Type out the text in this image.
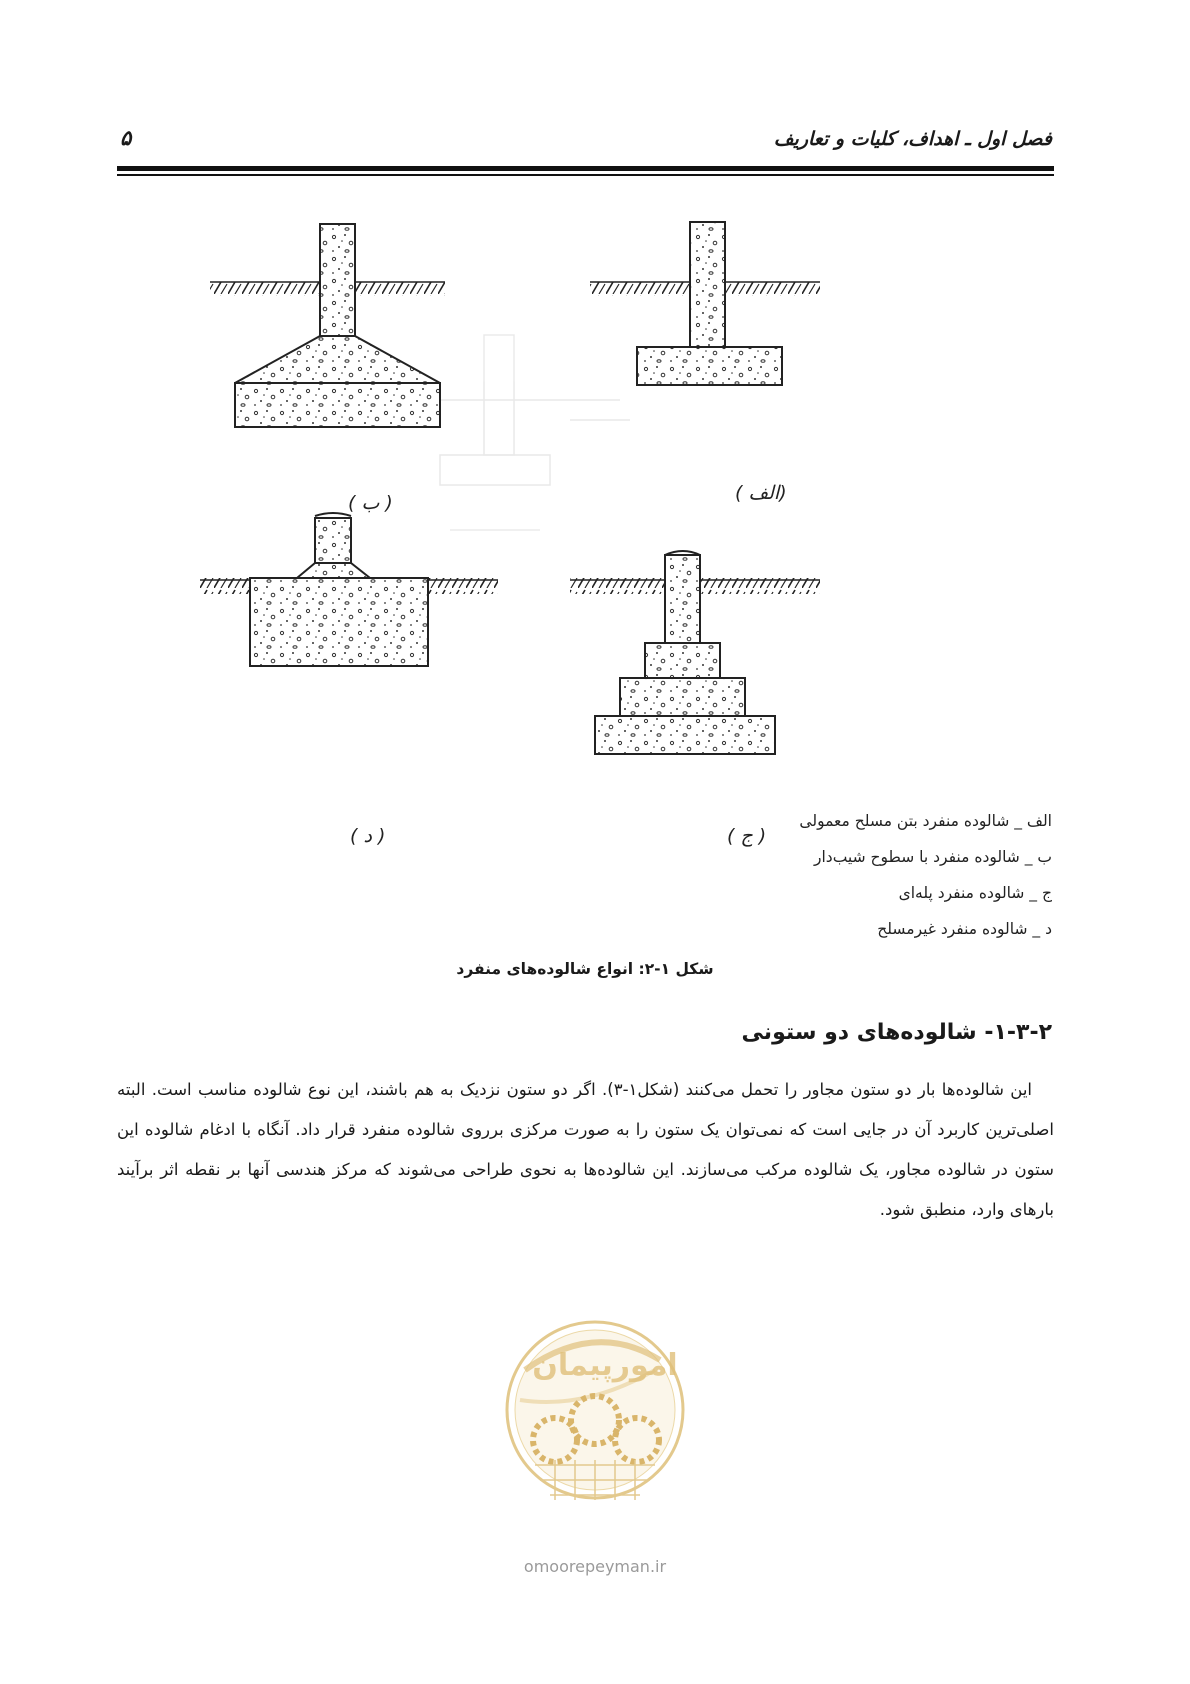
فصل اول ـ اهداف، کلیات و تعاریف
۵
( ب )	(الف )
( د )	( ج )
الف _ شالوده منفرد بتن مسلح معمولی
ب _ شالوده منفرد با سطوح شیب‌دار
ج _ شالوده منفرد پله‌ای
د _ شالوده منفرد غیرمسلح
شکل ۱-۲: انواع شالوده‌های منفرد
۱-۳-۲- شالوده‌های دو ستونی

این شالوده‌ها بار دو ستون مجاور را تحمل می‌کنند (شکل۱-۳). اگر دو ستون نزدیک به هم باشند، این نوع شالوده مناسب است. البته اصلی‌ترین کاربرد آن در جایی است که نمی‌توان یک ستون را به صورت مرکزی برروی شالوده منفرد قرار داد. آنگاه با ادغام شالوده این ستون در شالوده مجاور، یک شالوده مرکب می‌سازند. این شالوده‌ها به نحوی طراحی می‌شوند که مرکز هندسی آنها بر نقطه اثر برآیند بارهای وارد، منطبق شود.

امورپیمان
omoorepeyman.ir
